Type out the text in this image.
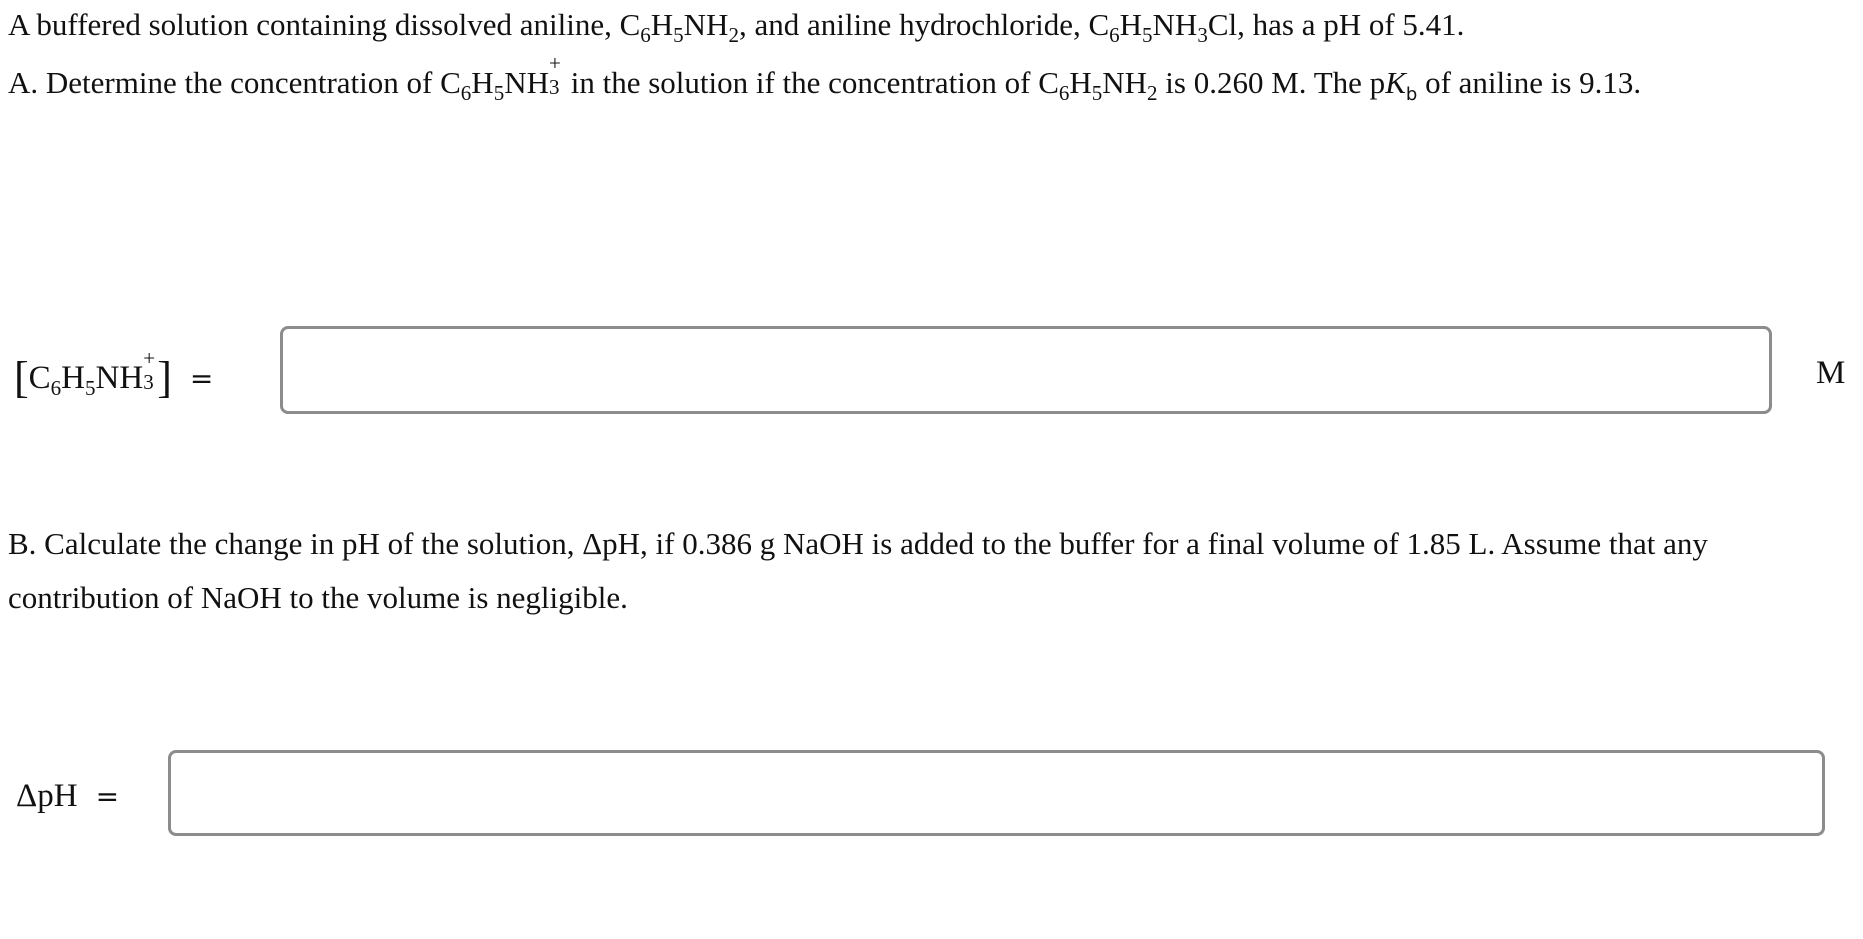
A buffered solution containing dissolved aniline, $C_6H_5NH_2$, and aniline hydrochloride, $C_6H_5NH_3Cl$, has a pH of 5.41.

A. Determine the concentration of $C_6H_5NH$
+
3 in the solution if the concentration of $C_6H_5NH_2$ is 0.260 M. The $pK_b$ of aniline is 9.13.

[$C_6H_5NH$
+
3 ] =	M

B. Calculate the change in pH of the solution, ΔpH, if 0.386 g NaOH is added to the buffer for a final volume of 1.85 L. Assume that any contribution of NaOH to the volume is negligible.

ΔpH =
